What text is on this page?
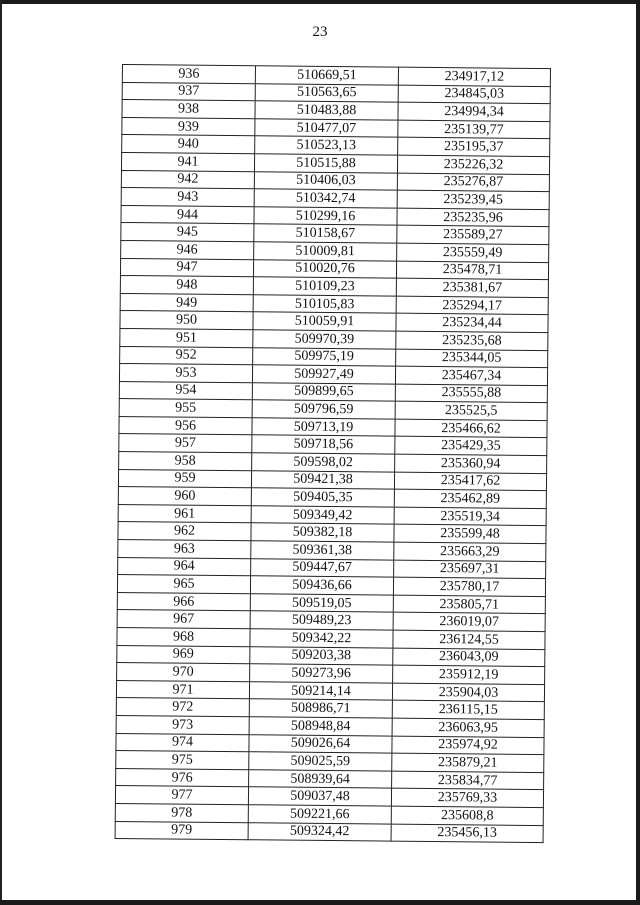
23
936	510669,51	234917,12
937	510563,65	234845,03
938	510483,88	234994,34
939	510477,07	235139,77
940	510523,13	235195,37
941	510515,88	235226,32
942	510406,03	235276,87
943	510342,74	235239,45
944	510299,16	235235,96
945	510158,67	235589,27
946	510009,81	235559,49
947	510020,76	235478,71
948	510109,23	235381,67
949	510105,83	235294,17
950	510059,91	235234,44
951	509970,39	235235,68
952	509975,19	235344,05
953	509927,49	235467,34
954	509899,65	235555,88
955	509796,59	235525,5
956	509713,19	235466,62
957	509718,56	235429,35
958	509598,02	235360,94
959	509421,38	235417,62
960	509405,35	235462,89
961	509349,42	235519,34
962	509382,18	235599,48
963	509361,38	235663,29
964	509447,67	235697,31
965	509436,66	235780,17
966	509519,05	235805,71
967	509489,23	236019,07
968	509342,22	236124,55
969	509203,38	236043,09
970	509273,96	235912,19
971	509214,14	235904,03
972	508986,71	236115,15
973	508948,84	236063,95
974	509026,64	235974,92
975	509025,59	235879,21
976	508939,64	235834,77
977	509037,48	235769,33
978	509221,66	235608,8
979	509324,42	235456,13
